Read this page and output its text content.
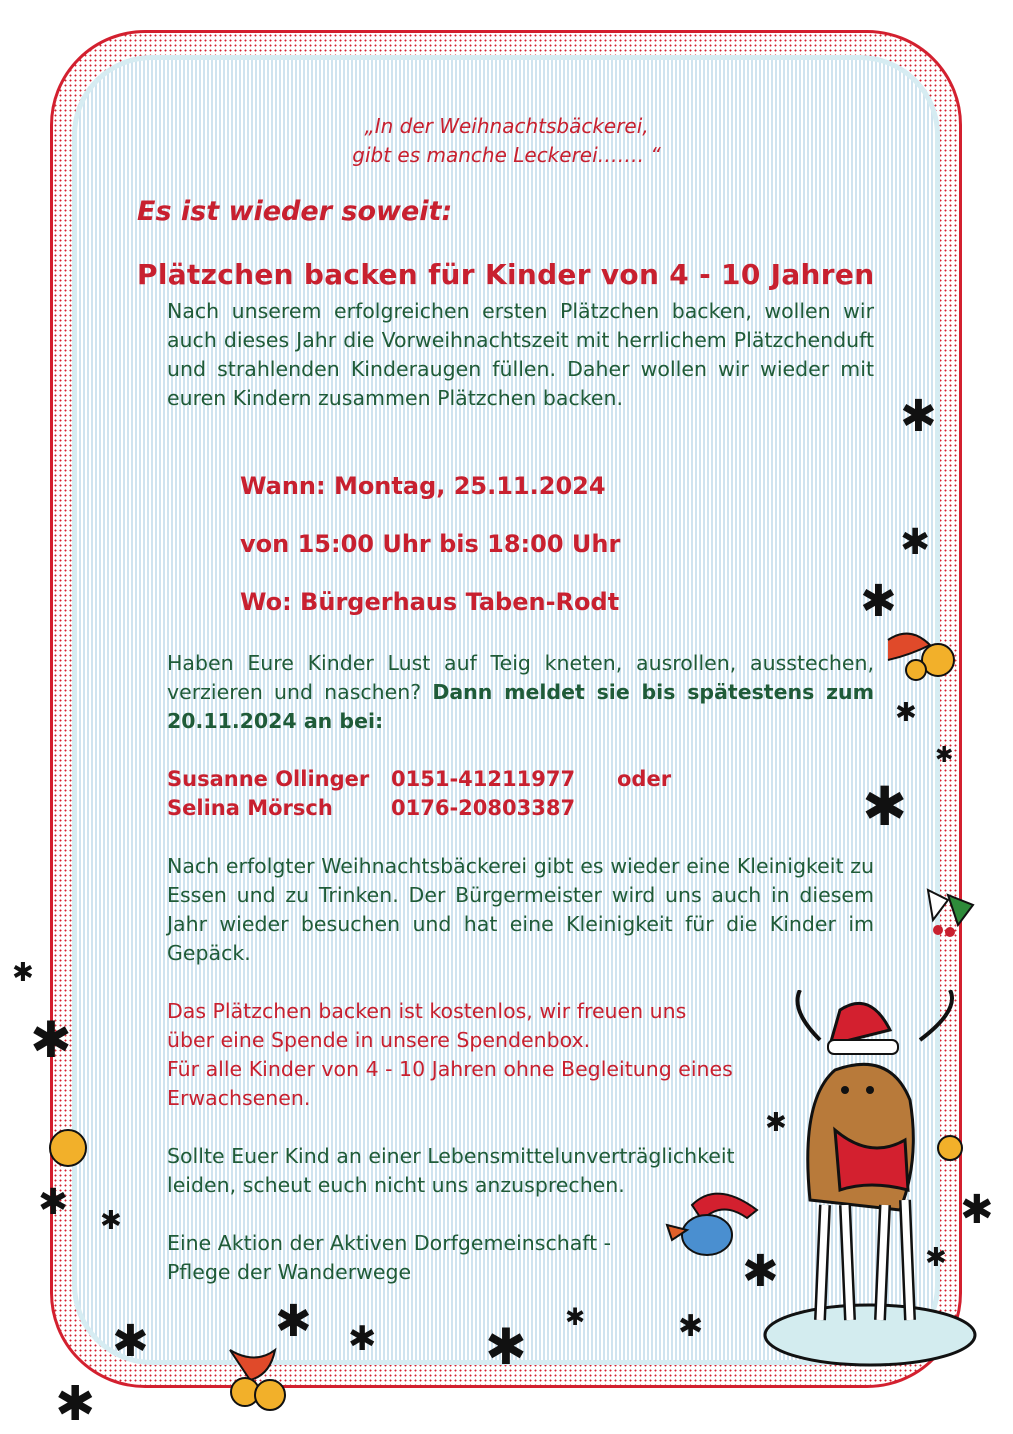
„In der Weihnachtsbäckerei,
gibt es manche Leckerei……. “

Es ist wieder soweit:

Plätzchen backen für Kinder von 4 - 10 Jahren

Nach unserem erfolgreichen ersten Plätzchen backen, wollen wir auch dieses Jahr die Vorweihnachtszeit mit herrlichem Plätzchenduft und strahlenden Kinderaugen füllen. Daher wollen wir wieder mit euren Kindern zusammen Plätzchen backen.

Wann: Montag, 25.11.2024

von 15:00 Uhr bis 18:00 Uhr

Wo: Bürgerhaus Taben-Rodt

Haben Eure Kinder Lust auf Teig kneten, ausrollen, ausstechen, verzieren und naschen? Dann meldet sie bis spätestens zum 20.11.2024 an bei:

Susanne Ollinger 0151-41211977 oder
Selina Mörsch	0176-20803387

Nach erfolgter Weihnachtsbäckerei gibt es wieder eine Kleinigkeit zu Essen und zu Trinken. Der Bürgermeister wird uns auch in diesem Jahr wieder besuchen und hat eine Kleinigkeit für die Kinder im Gepäck.

Das Plätzchen backen ist kostenlos, wir freuen uns
über eine Spende in unsere Spendenbox.
Für alle Kinder von 4 - 10 Jahren ohne Begleitung eines
Erwachsenen.

Sollte Euer Kind an einer Lebensmittelunverträglichkeit
leiden, scheut euch nicht uns anzusprechen.

Eine Aktion der Aktiven Dorfgemeinschaft -
Pflege der Wanderwege

✱
✱
✱
✱
✱
✱
✱
✱
✱ ✱
✱
✱
✱ ✱ ✱
✱	✱
✱
✱
✱
✱
